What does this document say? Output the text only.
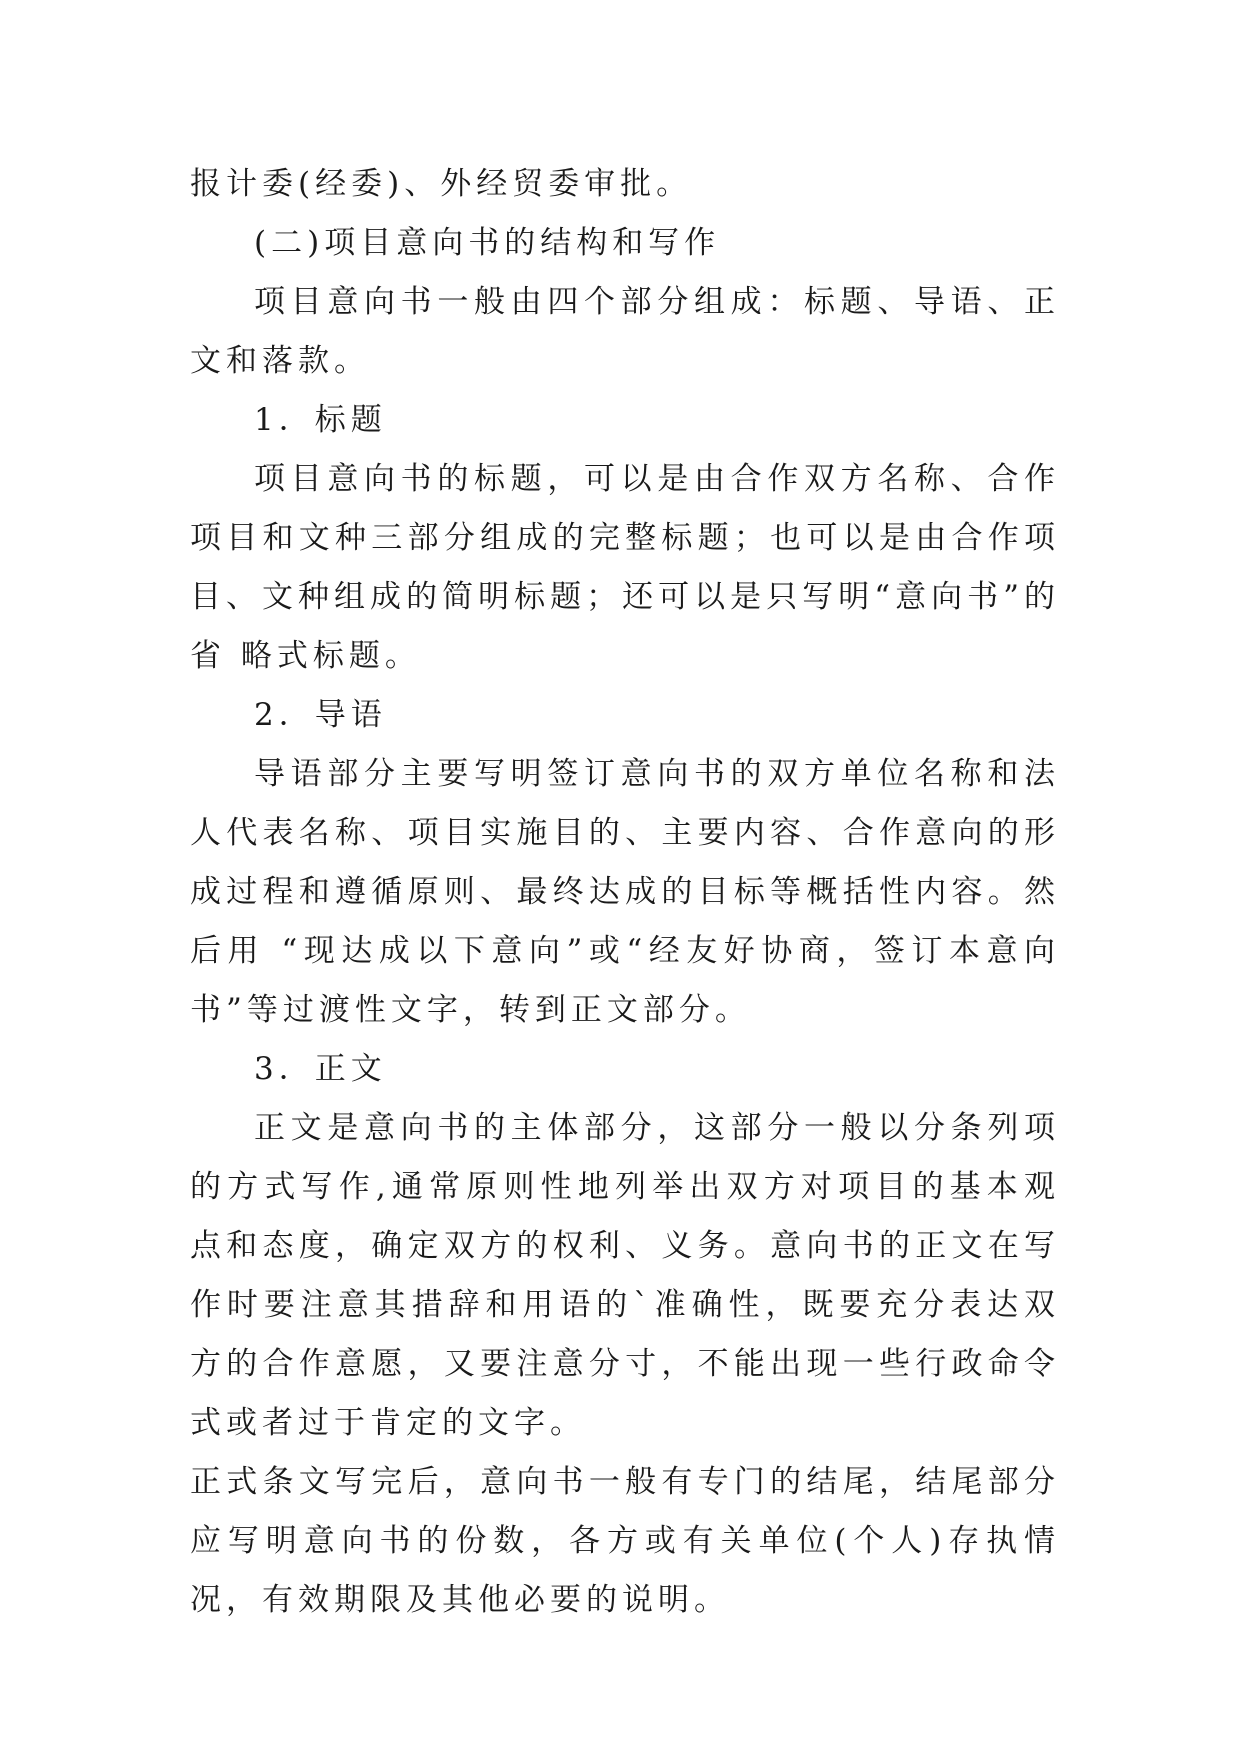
报计委(经委)、外经贸委审批。

(二)项目意向书的结构和写作

项目意向书一般由四个部分组成：标题、导语、正文和落款。

1．标题

项目意向书的标题，可以是由合作双方名称、合作项目和文种三部分组成的完整标题；也可以是由合作项目、文种组成的简明标题；还可以是只写明“意向书”的省 略式标题。

2．导语

导语部分主要写明签订意向书的双方单位名称和法人代表名称、项目实施目的、主要内容、合作意向的形成过程和遵循原则、最终达成的目标等概括性内容。然后用 “现达成以下意向”或“经友好协商，签订本意向书”等过渡性文字，转到正文部分。

3．正文

正文是意向书的主体部分，这部分一般以分条列项的方式写作,通常原则性地列举出双方对项目的基本观点和态度，确定双方的权利、义务。意向书的正文在写作时要注意其措辞和用语的`准确性，既要充分表达双方的合作意愿，又要注意分寸，不能出现一些行政命令式或者过于肯定的文字。

正式条文写完后，意向书一般有专门的结尾，结尾部分应写明意向书的份数，各方或有关单位(个人)存执情况，有效期限及其他必要的说明。
